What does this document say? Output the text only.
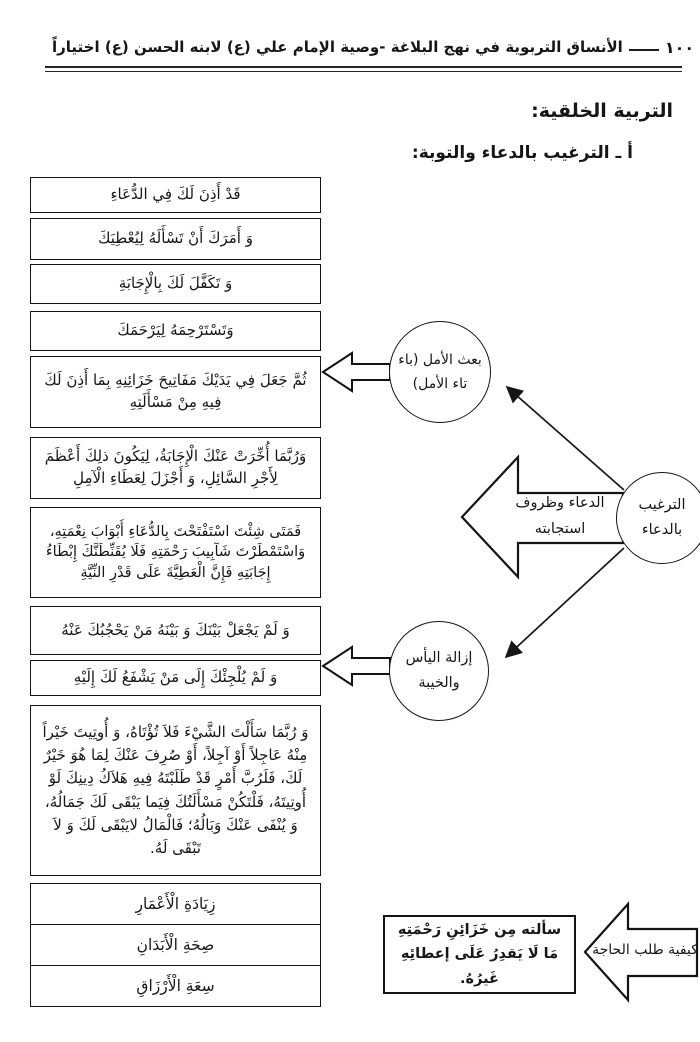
الأنساق التربوية في نهج البلاغة -وصية الإمام علي (ع) لابنه الحسن (ع) اختياراً	١٠٠
التربية الخلقية:
أ ـ الترغيب بالدعاء والتوبة:
قَدْ أَذِنَ لَكَ فِي الدُّعَاءِ
وَ أَمَرَكَ أَنْ تَسْأَلَهُ لِيُعْطِيَكَ
وَ تَكَفَّلَ لَكَ بِالْإِجَابَةِ
وَتَسْتَرْحِمَهُ لِيَرْحَمَكَ
ثُمَّ جَعَلَ فِي يَدَيْكَ مَفَاتِيحَ خَزَائِنِهِ بِمَا أَذِنَ لَكَ فِيهِ مِنْ مَسْأَلَتِهِ
وَرُبَّمَا أُخِّرَتْ عَنْكَ الْإِجَابَةُ، لِيَكُونَ ذلِكَ أَعْظَمَ لِأَجْرِ السَّائِلِ، وَ أَجْزَلَ لِعَطَاءِ الْآمِلِ
فَمَتَى شِئْتَ اسْتَفْتَحْتَ بِالدُّعَاءِ أَبْوَابَ نِعْمَتِهِ، وَاسْتَمْطَرْتَ شَآبِيبَ رَحْمَتِهِ فَلَا يُقَنِّطَنَّكَ إِبْطَاءُ إِجَابَتِهِ فَإِنَّ الْعَطِيَّةَ عَلَى قَدْرِ النِّيَّةِ
وَ لَمْ يَجْعَلْ بَيْنَكَ وَ بَيْنَهُ مَنْ يَحْجُبُكَ عَنْهُ
وَ لَمْ يُلْجِئْكَ إِلَى مَنْ يَشْفَعُ لَكَ إِلَيْهِ
وَ رُبَّمَا سَأَلْتَ الشَّيْءَ فَلاَ تُؤْتَاهُ، وَ أُوتِيتَ خَيْراً مِنْهُ عَاجِلاً أَوْ آجِلاً، أَوْ صُرِفَ عَنْكَ لِمَا هُوَ خَيْرٌ لَكَ، فَلَرُبَّ أَمْرٍ قَدْ طَلَبْتَهُ فِيهِ هَلاَكُ دِينِكَ لَوْ أُوتِيتَهُ، فَلْتَكُنْ مَسْأَلَتُكَ فِيَما يَبْقَى لَكَ جَمَالُهُ، وَ يُنْفَى عَنْكَ وَبَالُهُ؛ فَالْمَالُ لايَبْقَى لَكَ وَ لاَ تَبْقَى لَهُ.
زِيَادَةِ الْأَعْمَارِ
صِحَةِ الْأَبَدَانِ
سِعَةِ الْأَرْزَاقِ
بعث الأمل (باء تاء الأمل)
الترغيب بالدعاء
إزالة اليأس والخيبة
الدعاء وظروف استجابته
سألته مِن خَزَائِنِ رَحْمَتِهِ مَا لَا يَقدِرُ عَلَى إعطائِهِ غَيرُهُ.
كيفية طلب الحاجة
